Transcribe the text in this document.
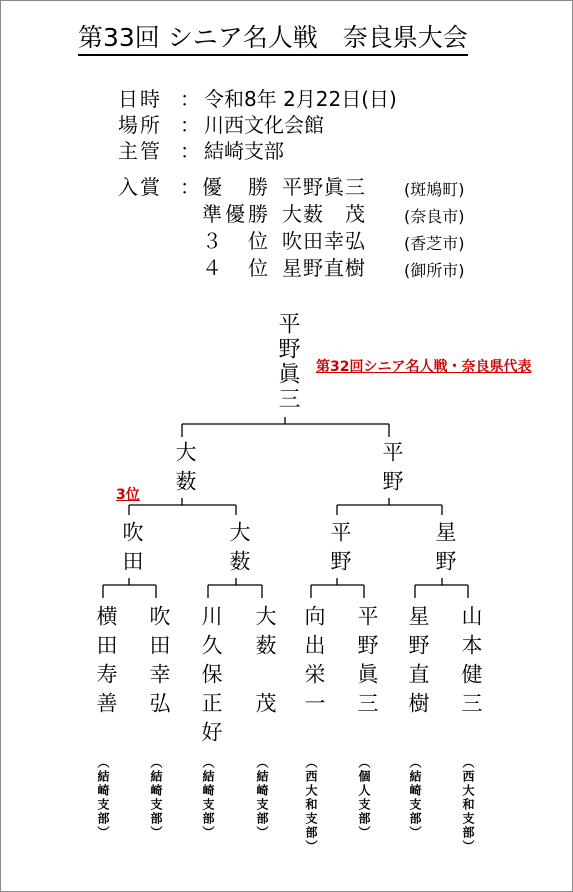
第33回 シニア名人戦　奈良県大会
日時 ： 令和8年 2月22日(日)
場所 ： 川西文化会館
主管 ： 結崎支部
入賞 ： 優　勝 平野眞三	(斑鳩町)
準優勝 大薮　茂	(奈良市)
３　位 吹田幸弘	(香芝市)
４　位 星野直樹	(御所市)
平野眞三 第32回シニア名人戦・奈良県代表
大薮	平野
3位
吹田	大薮	平野	星野
横田寿善 吹田幸弘 川久保正好 大薮　茂 向出栄一 平野眞三 星野直樹 山本健三
（結崎支部）	（結崎支部）	（結崎支部）	（結崎支部）	（西大和支部）	（個人支部）	（結崎支部）	（西大和支部）
